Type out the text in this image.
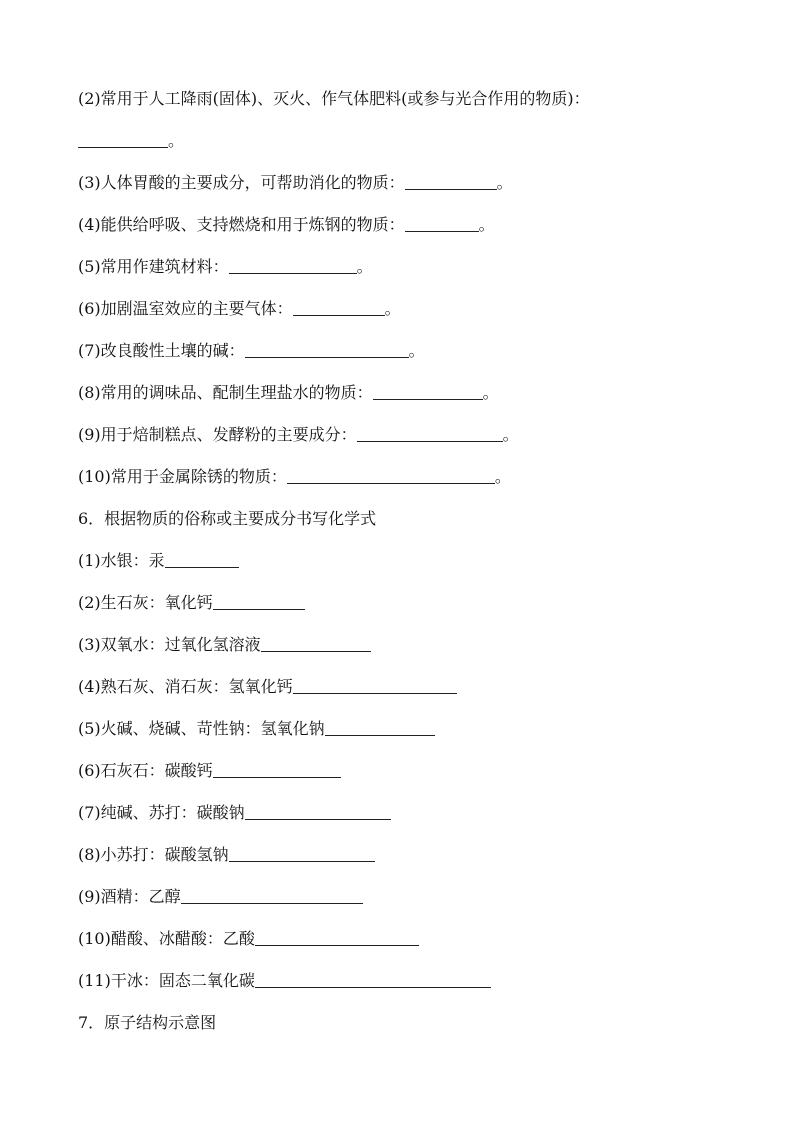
(2)常用于人工降雨(固体)、灭火、作气体肥料(或参与光合作用的物质)：
。
(3)人体胃酸的主要成分，可帮助消化的物质：	。
(4)能供给呼吸、支持燃烧和用于炼钢的物质：	。
(5)常用作建筑材料：	。
(6)加剧温室效应的主要气体：	。
(7)改良酸性土壤的碱：	。
(8)常用的调味品、配制生理盐水的物质：	。
(9)用于焙制糕点、发酵粉的主要成分：	。
(10)常用于金属除锈的物质：	。
6．根据物质的俗称或主要成分书写化学式
(1)水银：汞
(2)生石灰：氧化钙
(3)双氧水：过氧化氢溶液
(4)熟石灰、消石灰：氢氧化钙
(5)火碱、烧碱、苛性钠：氢氧化钠
(6)石灰石：碳酸钙
(7)纯碱、苏打：碳酸钠
(8)小苏打：碳酸氢钠
(9)酒精：乙醇
(10)醋酸、冰醋酸：乙酸
(11)干冰：固态二氧化碳
7．原子结构示意图
